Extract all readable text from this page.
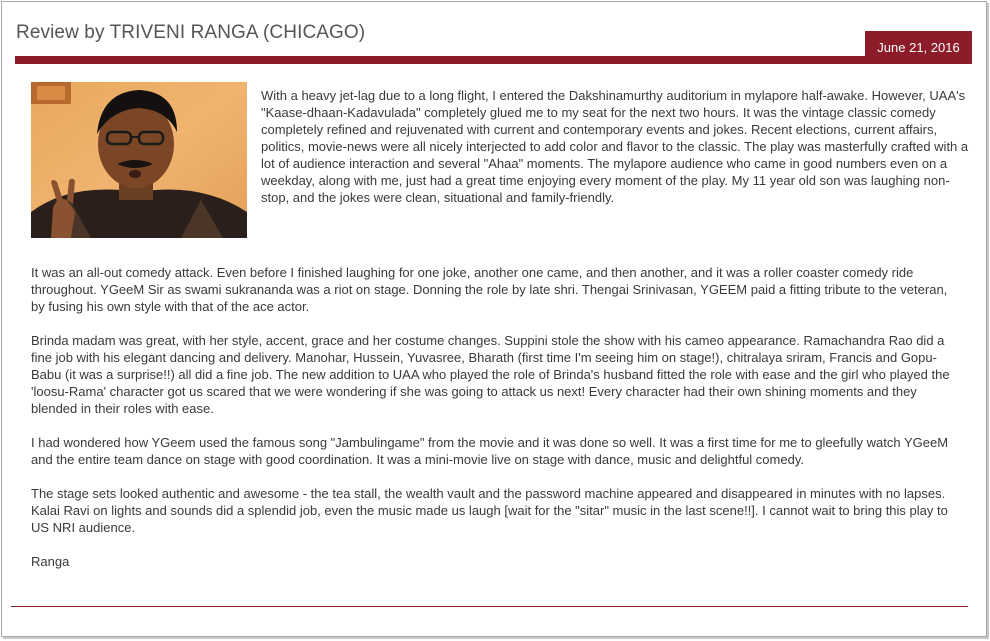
Review by TRIVENI RANGA (CHICAGO)
June 21, 2016

With a heavy jet-lag due to a long flight, I entered the Dakshinamurthy auditorium in mylapore half-awake. However, UAA's "Kaase-dhaan-Kadavulada" completely glued me to my seat for the next two hours. It was the vintage classic comedy completely refined and rejuvenated with current and contemporary events and jokes. Recent elections, current affairs, politics, movie-news were all nicely interjected to add color and flavor to the classic. The play was masterfully crafted with a lot of audience interaction and several "Ahaa" moments. The mylapore audience who came in good numbers even on a weekday, along with me, just had a great time enjoying every moment of the play. My 11 year old son was laughing non-stop, and the jokes were clean, situational and family-friendly.

It was an all-out comedy attack. Even before I finished laughing for one joke, another one came, and then another, and it was a roller coaster comedy ride throughout. YGeeM Sir as swami sukrananda was a riot on stage. Donning the role by late shri. Thengai Srinivasan, YGEEM paid a fitting tribute to the veteran, by fusing his own style with that of the ace actor.

Brinda madam was great, with her style, accent, grace and her costume changes. Suppini stole the show with his cameo appearance. Ramachandra Rao did a fine job with his elegant dancing and delivery. Manohar, Hussein, Yuvasree, Bharath (first time I'm seeing him on stage!), chitralaya sriram, Francis and Gopu-Babu (it was a surprise!!) all did a fine job. The new addition to UAA who played the role of Brinda's husband fitted the role with ease and the girl who played the 'loosu-Rama' character got us scared that we were wondering if she was going to attack us next! Every character had their own shining moments and they blended in their roles with ease.

I had wondered how YGeem used the famous song "Jambulingame" from the movie and it was done so well. It was a first time for me to gleefully watch YGeeM and the entire team dance on stage with good coordination. It was a mini-movie live on stage with dance, music and delightful comedy.

The stage sets looked authentic and awesome - the tea stall, the wealth vault and the password machine appeared and disappeared in minutes with no lapses. Kalai Ravi on lights and sounds did a splendid job, even the music made us laugh [wait for the "sitar" music in the last scene!!]. I cannot wait to bring this play to US NRI audience.

Ranga
